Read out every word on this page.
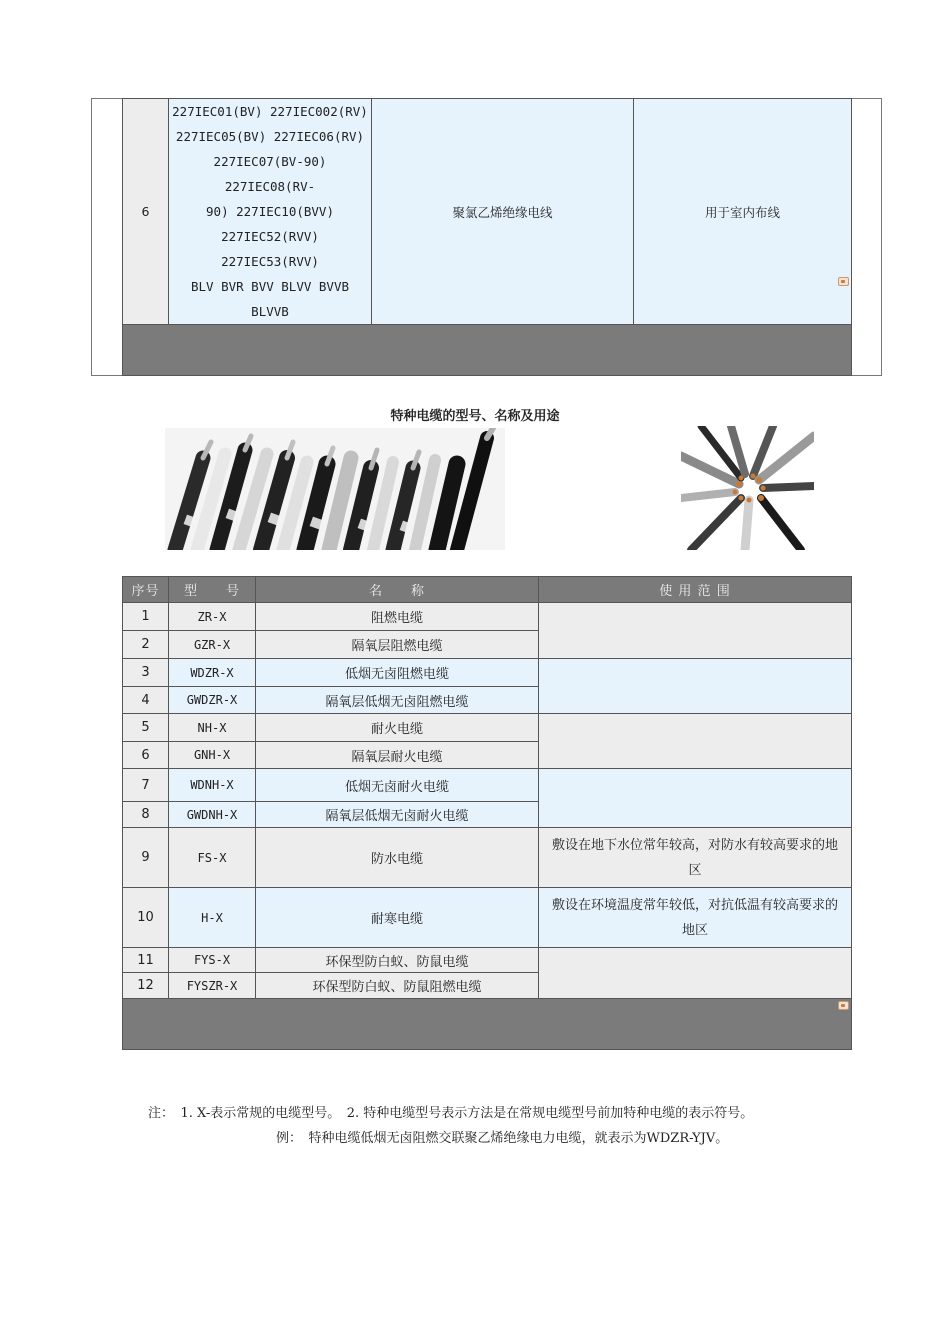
6	
227IEC01(BV) 227IEC002(RV)
227IEC05(BV) 227IEC06(RV)
227IEC07(BV-90) 227IEC08(RV-
90) 227IEC10(BVV)
227IEC52(RVV) 227IEC53(RVV)
BLV BVR BVV BLVV BVVB
BLVVB
	聚氯乙烯绝缘电线	用于室内布线

特种电缆的型号、名称及用途
序号	型　　号	名　　称	使 用 范 围
1	ZR-X	阻燃电缆	
2	GZR-X	隔氧层阻燃电缆	
3	WDZR-X	低烟无卤阻燃电缆	
4	GWDZR-X	隔氧层低烟无卤阻燃电缆	
5	NH-X	耐火电缆	
6	GNH-X	隔氧层耐火电缆	
7	WDNH-X	低烟无卤耐火电缆	
8	GWDNH-X	隔氧层低烟无卤耐火电缆	
9	FS-X	防水电缆	敷设在地下水位常年较高，对防水有较高要求的地
区

10	H-X	耐寒电缆	敷设在环境温度常年较低，对抗低温有较高要求的
地区

11	FYS-X	环保型防白蚁、防鼠电缆	
12	FYSZR-X	环保型防白蚁、防鼠阻燃电缆	

注：　1. X-表示常规的电缆型号。　2. 特种电缆型号表示方法是在常规电缆型号前加特种电缆的表示符号。
例：　特种电缆低烟无卤阻燃交联聚乙烯绝缘电力电缆，就表示为WDZR-YJV。
